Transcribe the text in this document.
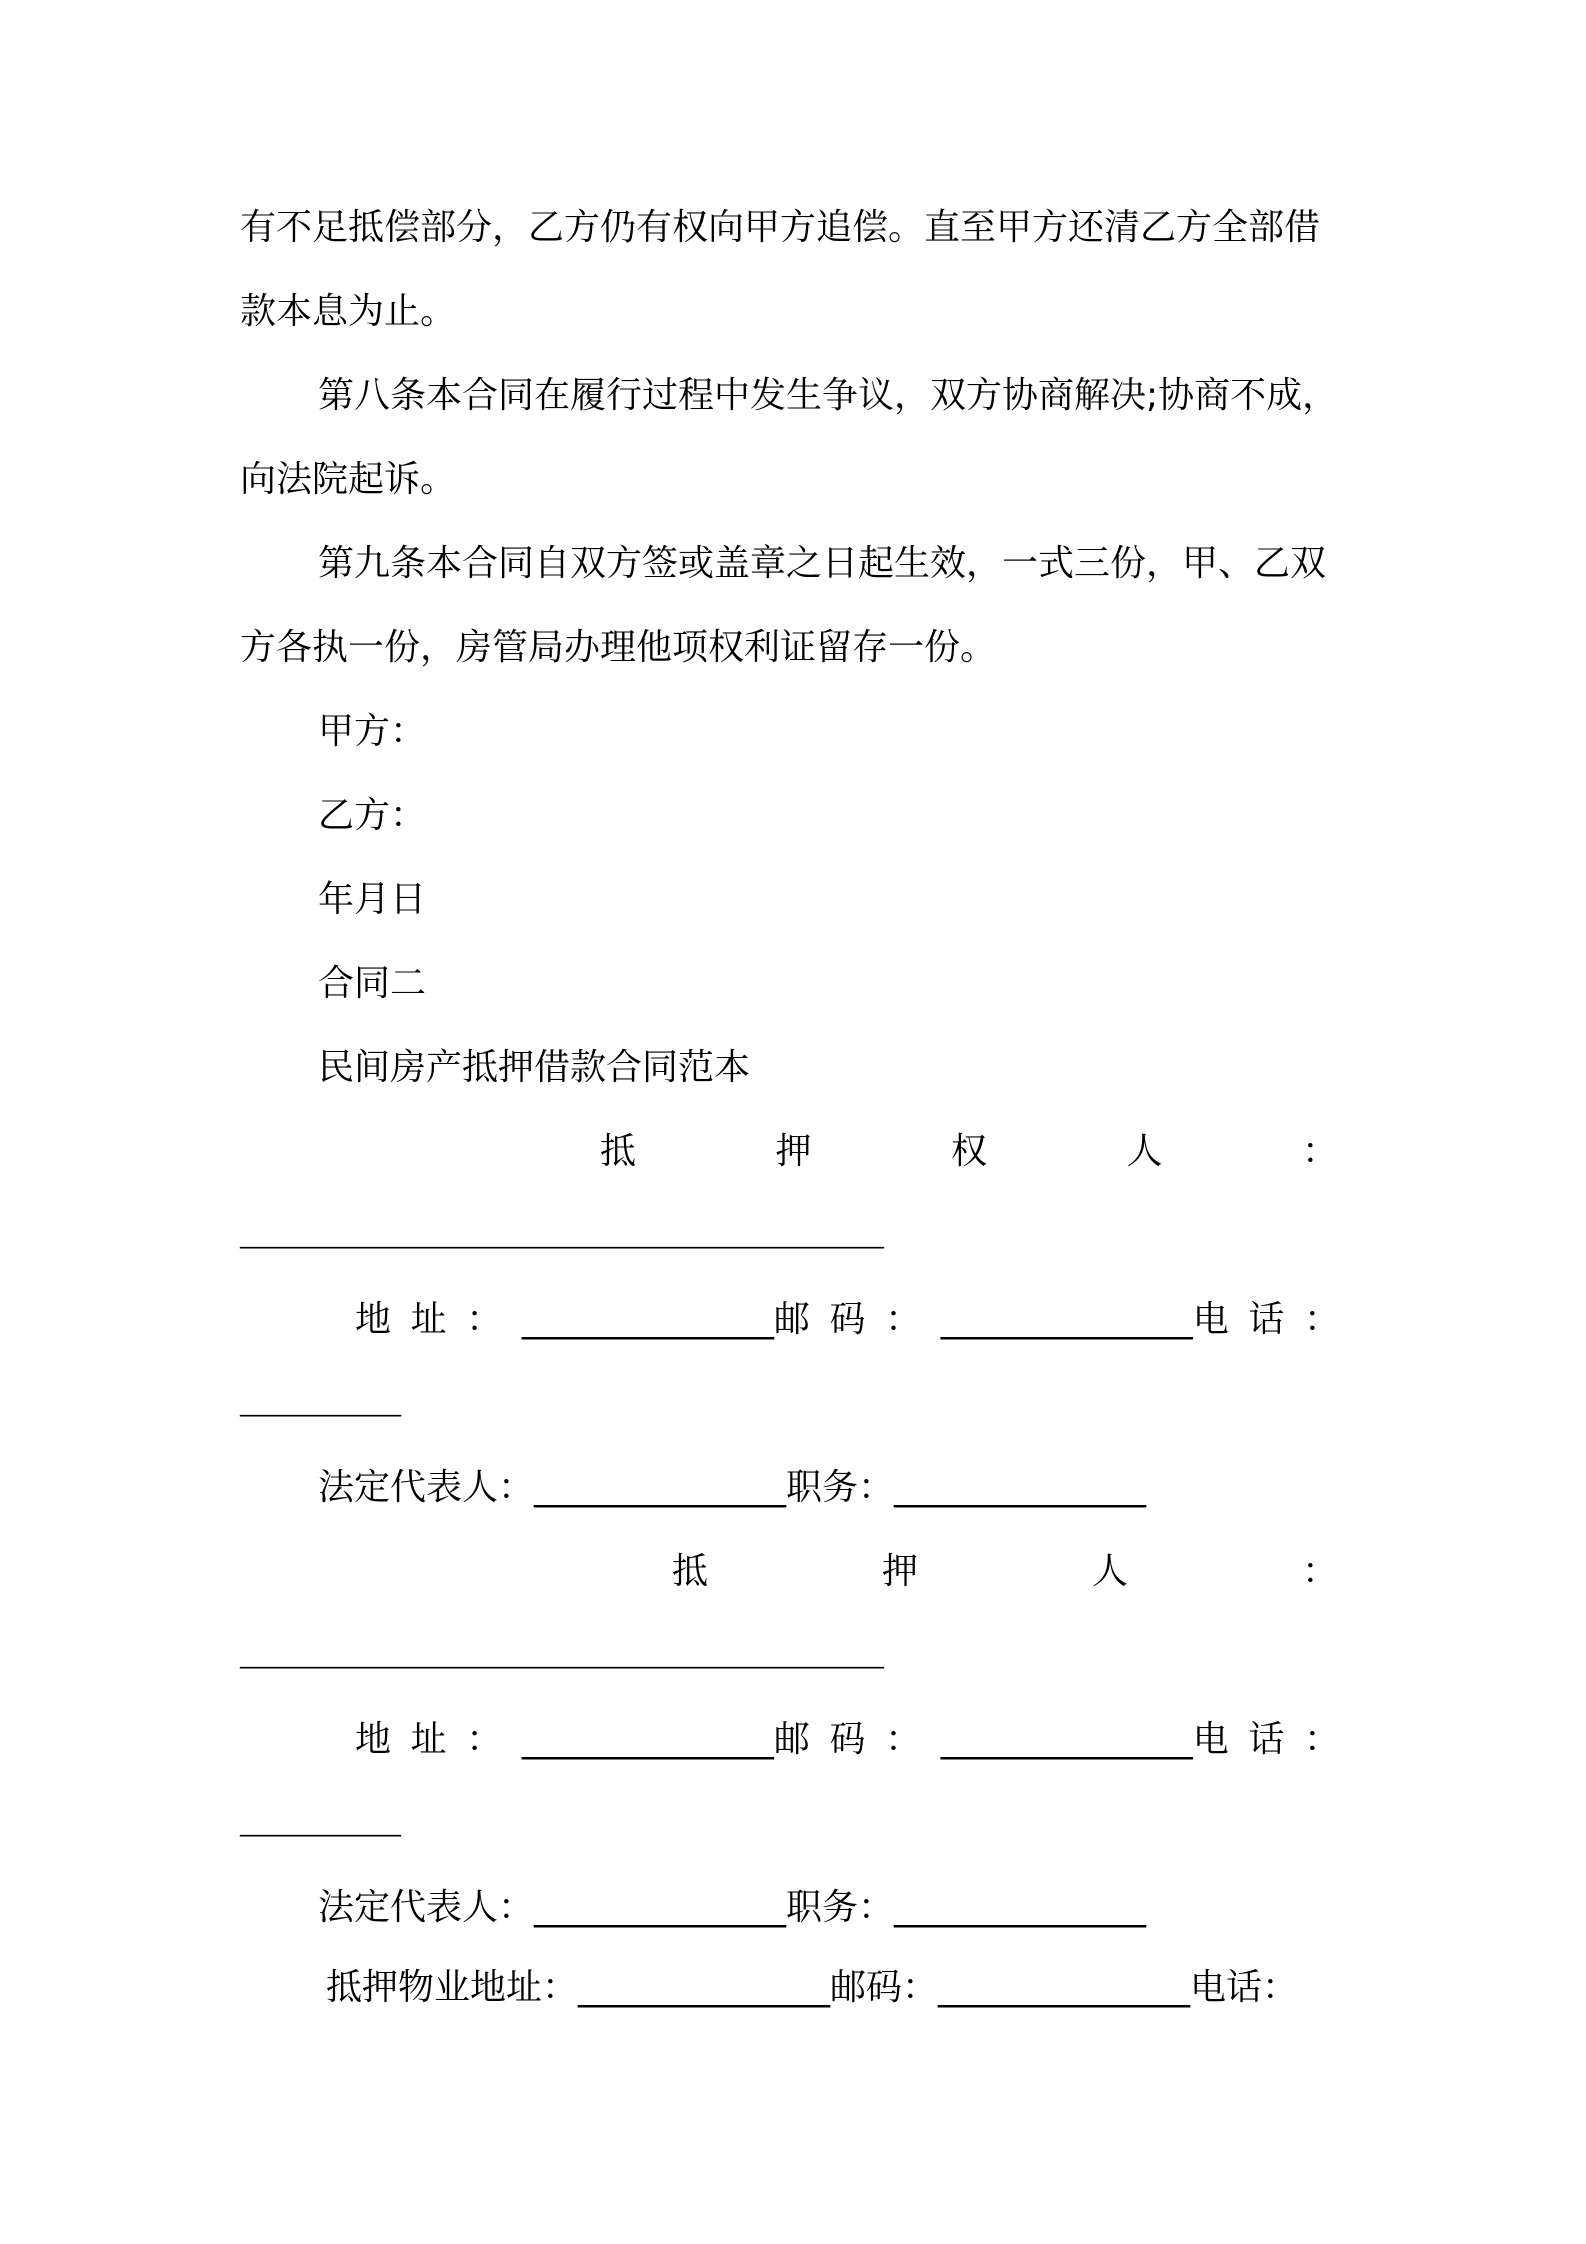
有不足抵偿部分，乙方仍有权向甲方追偿。直至甲方还清乙方全部借
款本息为止。
第八条本合同在履行过程中发生争议，双方协商解决;协商不成，
向法院起诉。
第九条本合同自双方签或盖章之日起生效，一式三份，甲、乙双
方各执一份，房管局办理他项权利证留存一份。
甲方：
乙方：
年月日
合同二
民间房产抵押借款合同范本
抵	押	权	人	：
________________________________________________________
地 址 ： ______________邮 码 ： ______________电 话 ：
______________
法定代表人：______________职务：______________
抵	押	人	：
________________________________________________________
地 址 ： ______________邮 码 ： ______________电 话 ：
______________
法定代表人：______________职务：______________
抵押物业地址：______________邮码：______________电话：
